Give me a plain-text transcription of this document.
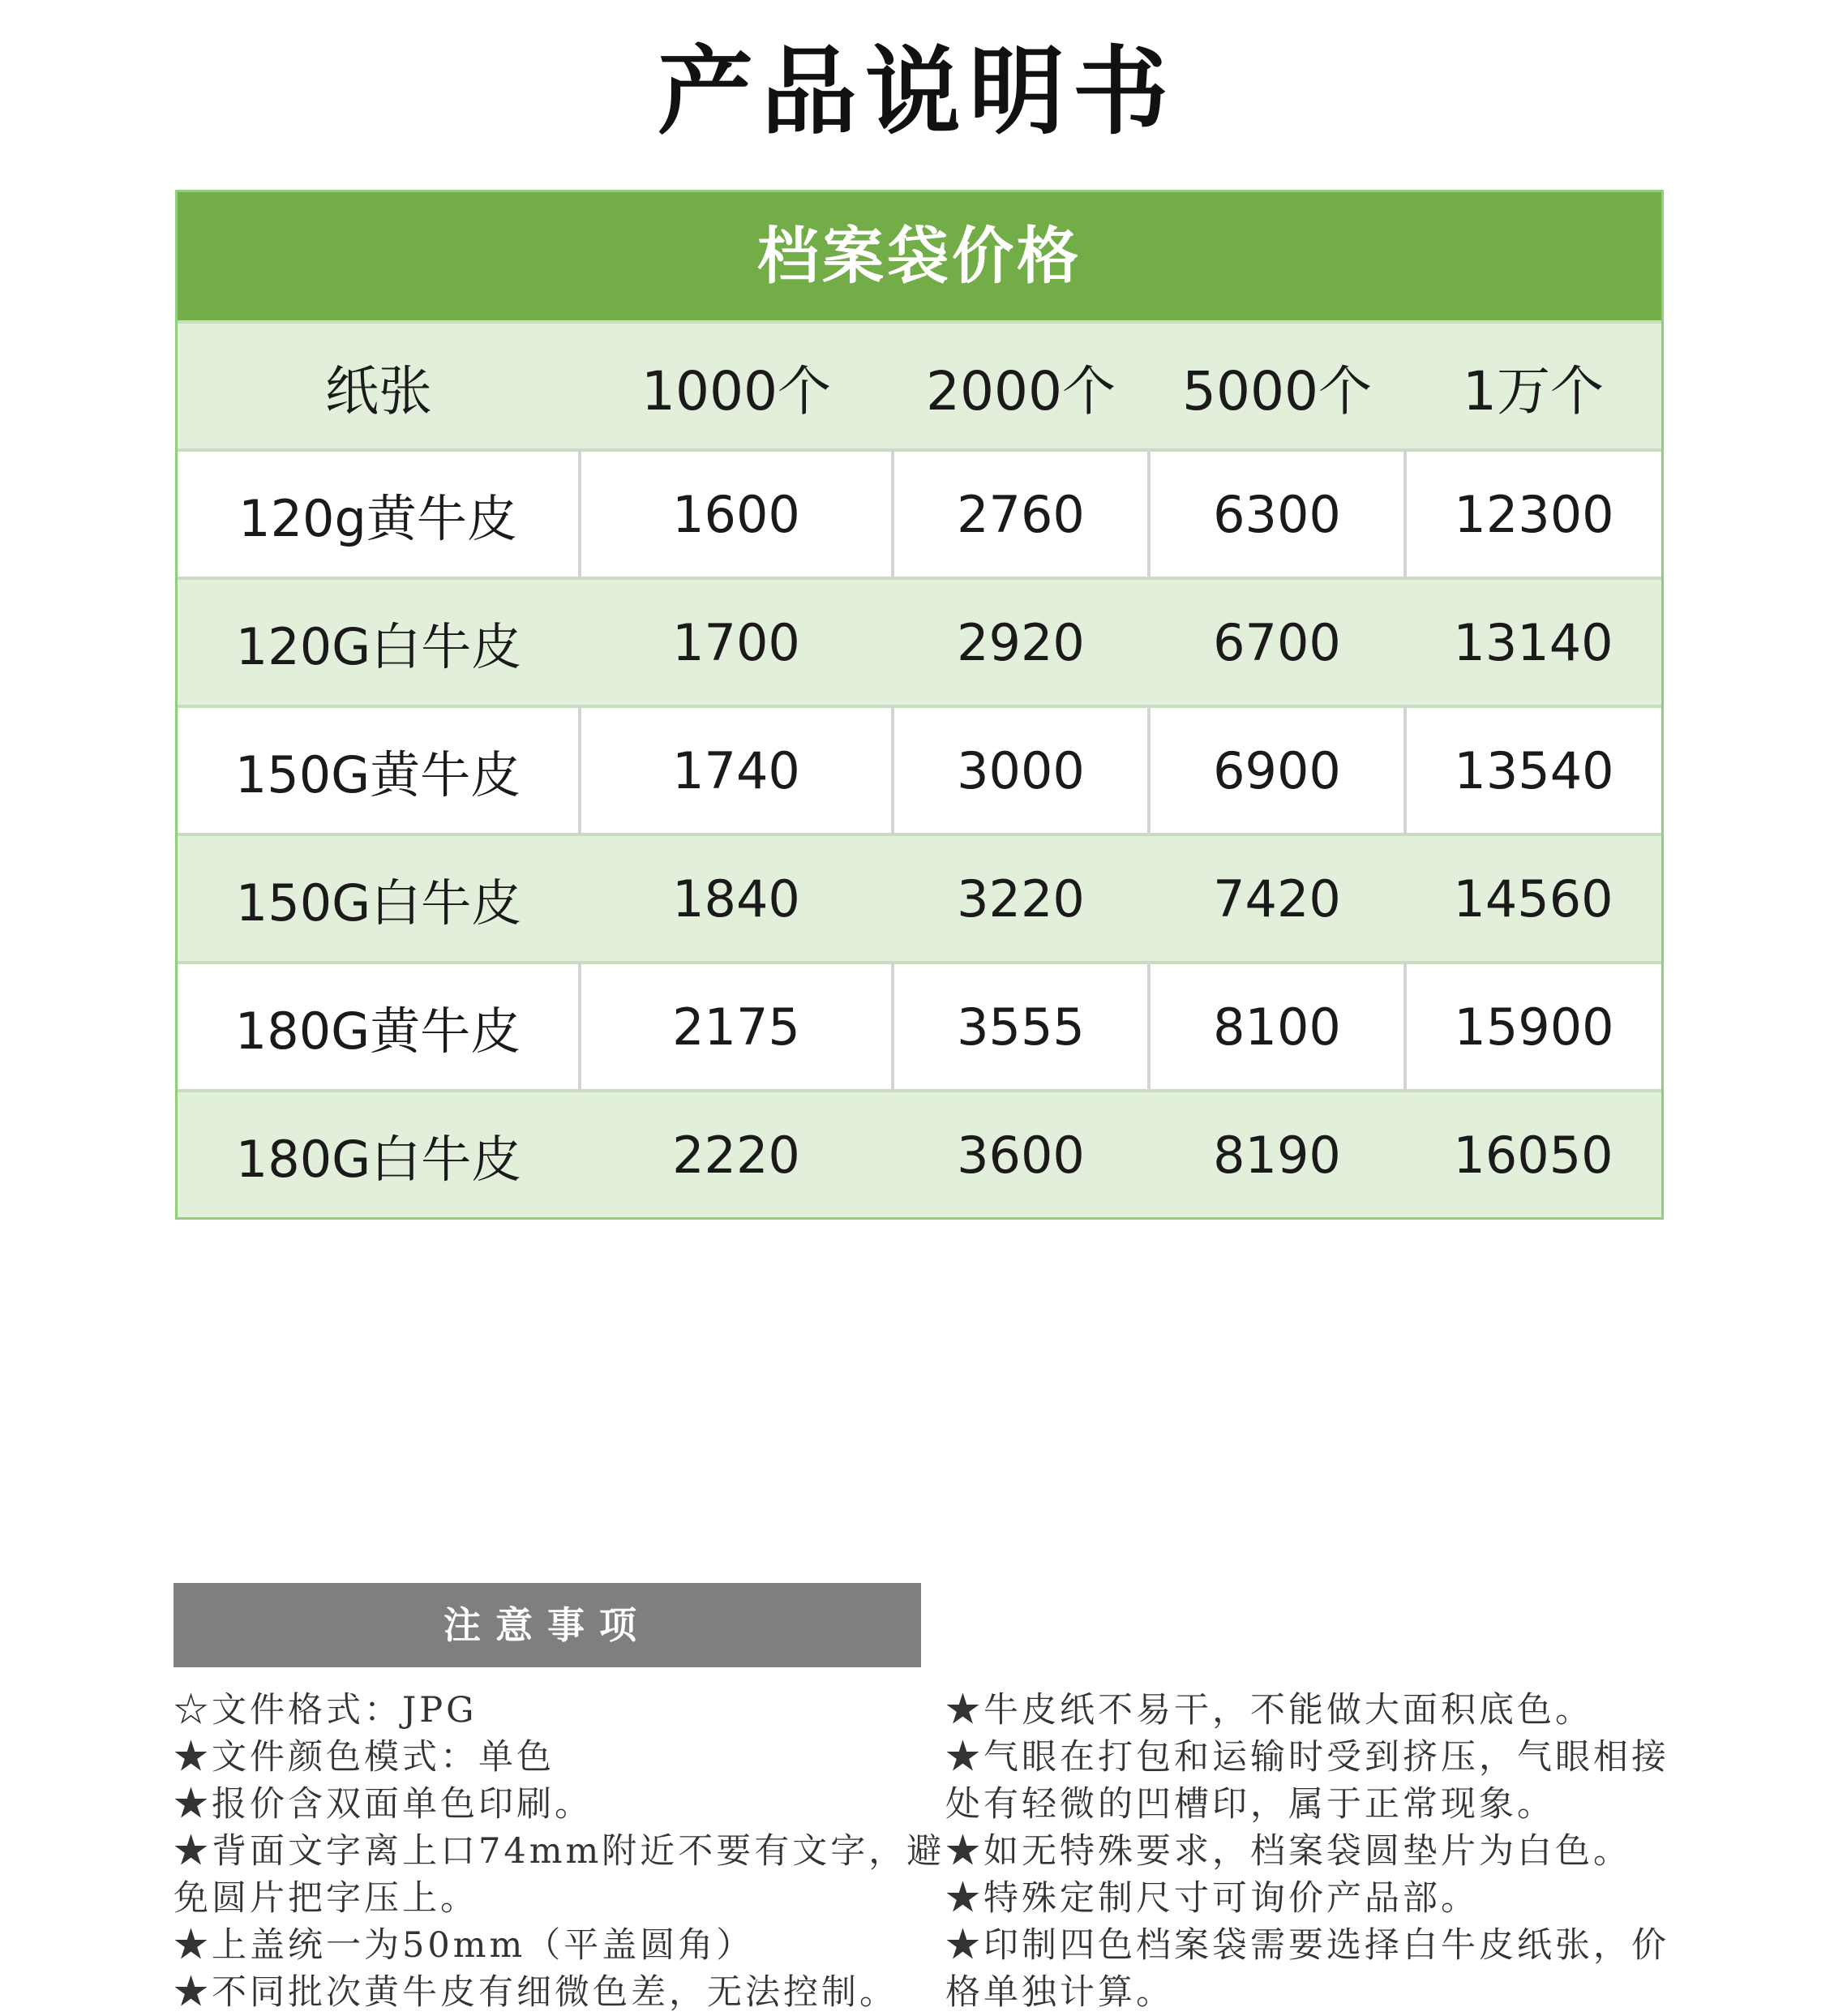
产品说明书
档案袋价格
纸张	1000个	2000个	5000个	1万个
120g黄牛皮	1600	2760	6300	12300
120G白牛皮	1700	2920	6700	13140
150G黄牛皮	1740	3000	6900	13540
150G白牛皮	1840	3220	7420	14560
180G黄牛皮	2175	3555	8100	15900
180G白牛皮	2220	3600	8190	16050
注意事项
☆文件格式：JPG
★文件颜色模式：单色
★报价含双面单色印刷。
★背面文字离上口74mm附近不要有文字，避免圆片把字压上。
★上盖统一为50mm（平盖圆角）
★不同批次黄牛皮有细微色差，无法控制。
★牛皮纸不易干，不能做大面积底色。
★气眼在打包和运输时受到挤压，气眼相接处有轻微的凹槽印，属于正常现象。
★如无特殊要求，档案袋圆垫片为白色。
★特殊定制尺寸可询价产品部。
★印制四色档案袋需要选择白牛皮纸张，价格单独计算。
